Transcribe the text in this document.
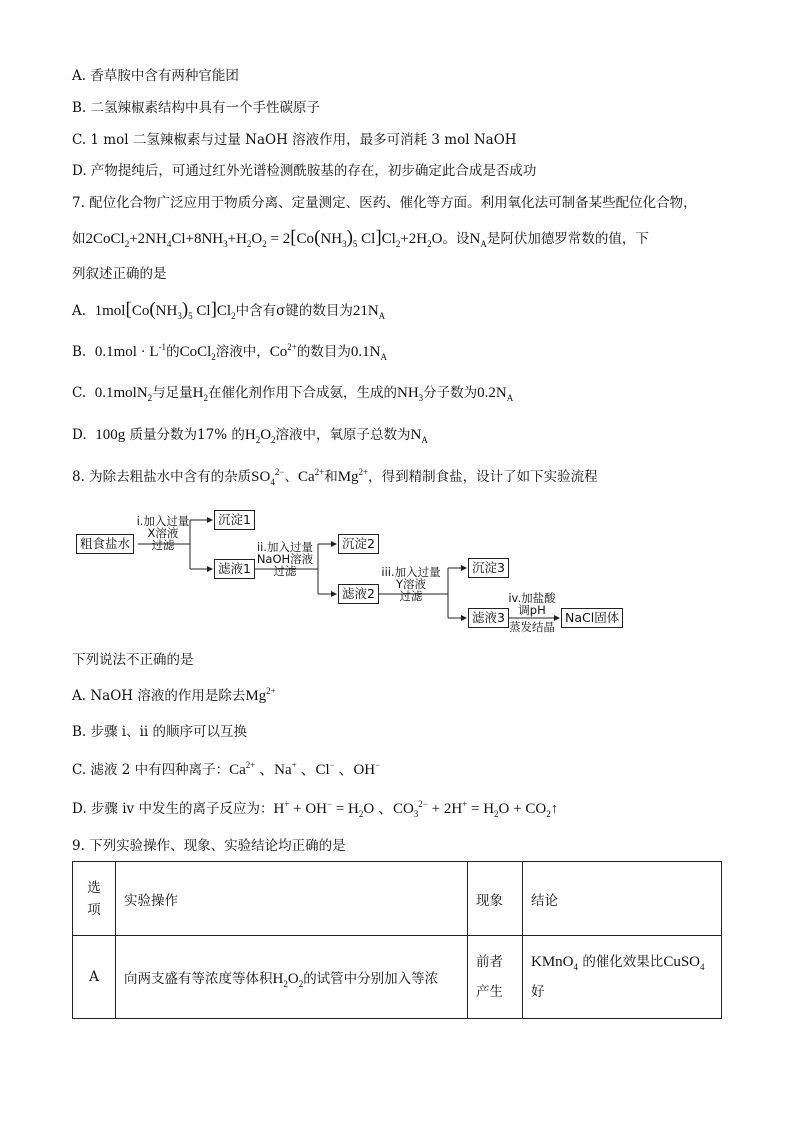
A. 香草胺中含有两种官能团
B. 二氢辣椒素结构中具有一个手性碳原子
C. 1 mol 二氢辣椒素与过量 NaOH 溶液作用，最多可消耗 3 mol NaOH
D. 产物提纯后，可通过红外光谱检测酰胺基的存在，初步确定此合成是否成功
7. 配位化合物广泛应用于物质分离、定量测定、医药、催化等方面。利用氧化法可制备某些配位化合物，
如$2CoCl_2+2NH_4Cl+8NH_3+H_2O_2 = 2[Co(NH_3)_5$ $Cl]Cl_2+2H_2O$。设$N_A$是阿伏加德罗常数的值，下
列叙述正确的是
A. $1mol[Co(NH_3)_5$ $Cl]Cl_2$中含有σ键的数目为$21N_A$
B. $0.1mol \cdot L^{-1}$的CoCl$_2$溶液中，$Co^{2+}$的数目为$0.1N_A$
C. 0.1molN$_2$与足量$H_2$在催化剂作用下合成氨，生成的$NH_3$分子数为$0.2N_A$
D. 100g 质量分数为17% 的$H_2O_2$溶液中，氧原子总数为$N_A$
8. 为除去粗盐水中含有的杂质$SO_4^{2-}$、$Ca^{2+}$和$Mg^{2+}$，得到精制食盐，设计了如下实验流程
粗食盐水
沉淀1
滤液1
沉淀2
滤液2
沉淀3
滤液3	NaCl固体
i.加入过量
X溶液
过滤	ii.加入过量
NaOH溶液
过滤	iii.加入过量
Y溶液
过滤	iv.加盐酸
调pH
蒸发结晶
下列说法不正确的是
A. NaOH 溶液的作用是除去$Mg^{2+}$
B. 步骤 i、ii 的顺序可以互换
C. 滤液 2 中有四种离子：$Ca^{2+}$ 、Na+ 、Cl− 、OH−
D. 步骤 iv 中发生的离子反应为：$H^+ + OH^- = H_2O$ 、$CO_3^{2-} + 2H^+ = H_2O$ + $CO_2↑$
9. 下列实验操作、现象、实验结论均正确的是
选项	实验操作	现象	结论
A	向两支盛有等浓度等体积$H_2O_2$的试管中分别加入等浓	前者产生	KMnO$_4$ 的催化效果比CuSO$_4$
好
